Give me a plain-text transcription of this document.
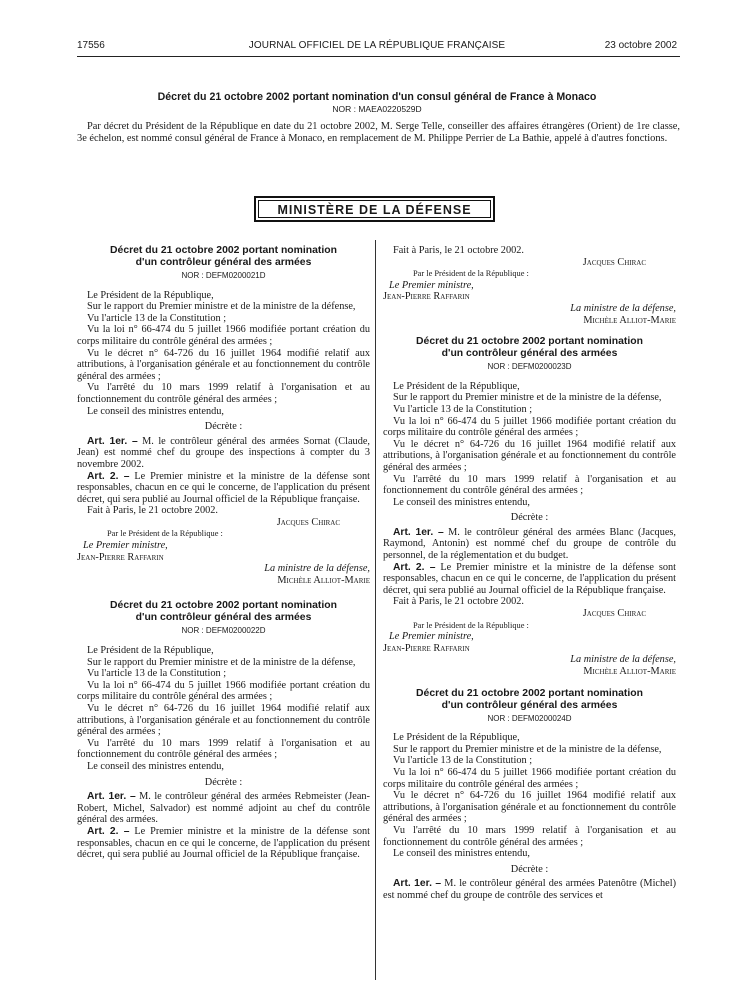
17556	JOURNAL OFFICIEL DE LA RÉPUBLIQUE FRANÇAISE	23 octobre 2002
Décret du 21 octobre 2002 portant nomination d'un consul général de France à Monaco
NOR : MAEA0220529D

Par décret du Président de la République en date du 21 octobre 2002, M. Serge Telle, conseiller des affaires étrangères (Orient) de 1re classe, 3e échelon, est nommé consul général de France à Monaco, en remplacement de M. Philippe Perrier de La Bathie, appelé à d'autres fonctions.

MINISTÈRE DE LA DÉFENSE

Décret du 21 octobre 2002 portant nomination

d'un contrôleur général des armées

NOR : DEFM0200021D

Le Président de la République,

Sur le rapport du Premier ministre et de la ministre de la défense,

Vu l'article 13 de la Constitution ;

Vu la loi n° 66-474 du 5 juillet 1966 modifiée portant création du corps militaire du contrôle général des armées ;

Vu le décret n° 64-726 du 16 juillet 1964 modifié relatif aux attributions, à l'organisation générale et au fonctionnement du contrôle général des armées ;

Vu l'arrêté du 10 mars 1999 relatif à l'organisation et au fonctionnement du contrôle général des armées ;

Le conseil des ministres entendu,

Décrète :

Art. 1er. – M. le contrôleur général des armées Sornat (Claude, Jean) est nommé chef du groupe des inspections à compter du 3 novembre 2002.

Art. 2. – Le Premier ministre et la ministre de la défense sont responsables, chacun en ce qui le concerne, de l'application du présent décret, qui sera publié au Journal officiel de la République française.

Fait à Paris, le 21 octobre 2002.

Jacques Chirac

Par le Président de la République :

Le Premier ministre,

Jean-Pierre Raffarin

La ministre de la défense,

Michèle Alliot-Marie

Décret du 21 octobre 2002 portant nomination

d'un contrôleur général des armées

NOR : DEFM0200022D

Le Président de la République,

Sur le rapport du Premier ministre et de la ministre de la défense,

Vu l'article 13 de la Constitution ;

Vu la loi n° 66-474 du 5 juillet 1966 modifiée portant création du corps militaire du contrôle général des armées ;

Vu le décret n° 64-726 du 16 juillet 1964 modifié relatif aux attributions, à l'organisation générale et au fonctionnement du contrôle général des armées ;

Vu l'arrêté du 10 mars 1999 relatif à l'organisation et au fonctionnement du contrôle général des armées ;

Le conseil des ministres entendu,

Décrète :

Art. 1er. – M. le contrôleur général des armées Rebmeister (Jean-Robert, Michel, Salvador) est nommé adjoint au chef du contrôle général des armées.

Art. 2. – Le Premier ministre et la ministre de la défense sont responsables, chacun en ce qui le concerne, de l'application du présent décret, qui sera publié au Journal officiel de la République française.

Fait à Paris, le 21 octobre 2002.

Jacques Chirac

Par le Président de la République :

Le Premier ministre,

Jean-Pierre Raffarin

La ministre de la défense,

Michèle Alliot-Marie

Décret du 21 octobre 2002 portant nomination

d'un contrôleur général des armées

NOR : DEFM0200023D

Le Président de la République,

Sur le rapport du Premier ministre et de la ministre de la défense,

Vu l'article 13 de la Constitution ;

Vu la loi n° 66-474 du 5 juillet 1966 modifiée portant création du corps militaire du contrôle général des armées ;

Vu le décret n° 64-726 du 16 juillet 1964 modifié relatif aux attributions, à l'organisation générale et au fonctionnement du contrôle général des armées ;

Vu l'arrêté du 10 mars 1999 relatif à l'organisation et au fonctionnement du contrôle général des armées ;

Le conseil des ministres entendu,

Décrète :

Art. 1er. – M. le contrôleur général des armées Blanc (Jacques, Raymond, Antonin) est nommé chef du groupe de contrôle du personnel, de la réglementation et du budget.

Art. 2. – Le Premier ministre et la ministre de la défense sont responsables, chacun en ce qui le concerne, de l'application du présent décret, qui sera publié au Journal officiel de la République française.

Fait à Paris, le 21 octobre 2002.

Jacques Chirac

Par le Président de la République :

Le Premier ministre,

Jean-Pierre Raffarin

La ministre de la défense,

Michèle Alliot-Marie

Décret du 21 octobre 2002 portant nomination

d'un contrôleur général des armées

NOR : DEFM0200024D

Le Président de la République,

Sur le rapport du Premier ministre et de la ministre de la défense,

Vu l'article 13 de la Constitution ;

Vu la loi n° 66-474 du 5 juillet 1966 modifiée portant création du corps militaire du contrôle général des armées ;

Vu le décret n° 64-726 du 16 juillet 1964 modifié relatif aux attributions, à l'organisation générale et au fonctionnement du contrôle général des armées ;

Vu l'arrêté du 10 mars 1999 relatif à l'organisation et au fonctionnement du contrôle général des armées ;

Le conseil des ministres entendu,

Décrète :

Art. 1er. – M. le contrôleur général des armées Patenôtre (Michel) est nommé chef du groupe de contrôle des services et
